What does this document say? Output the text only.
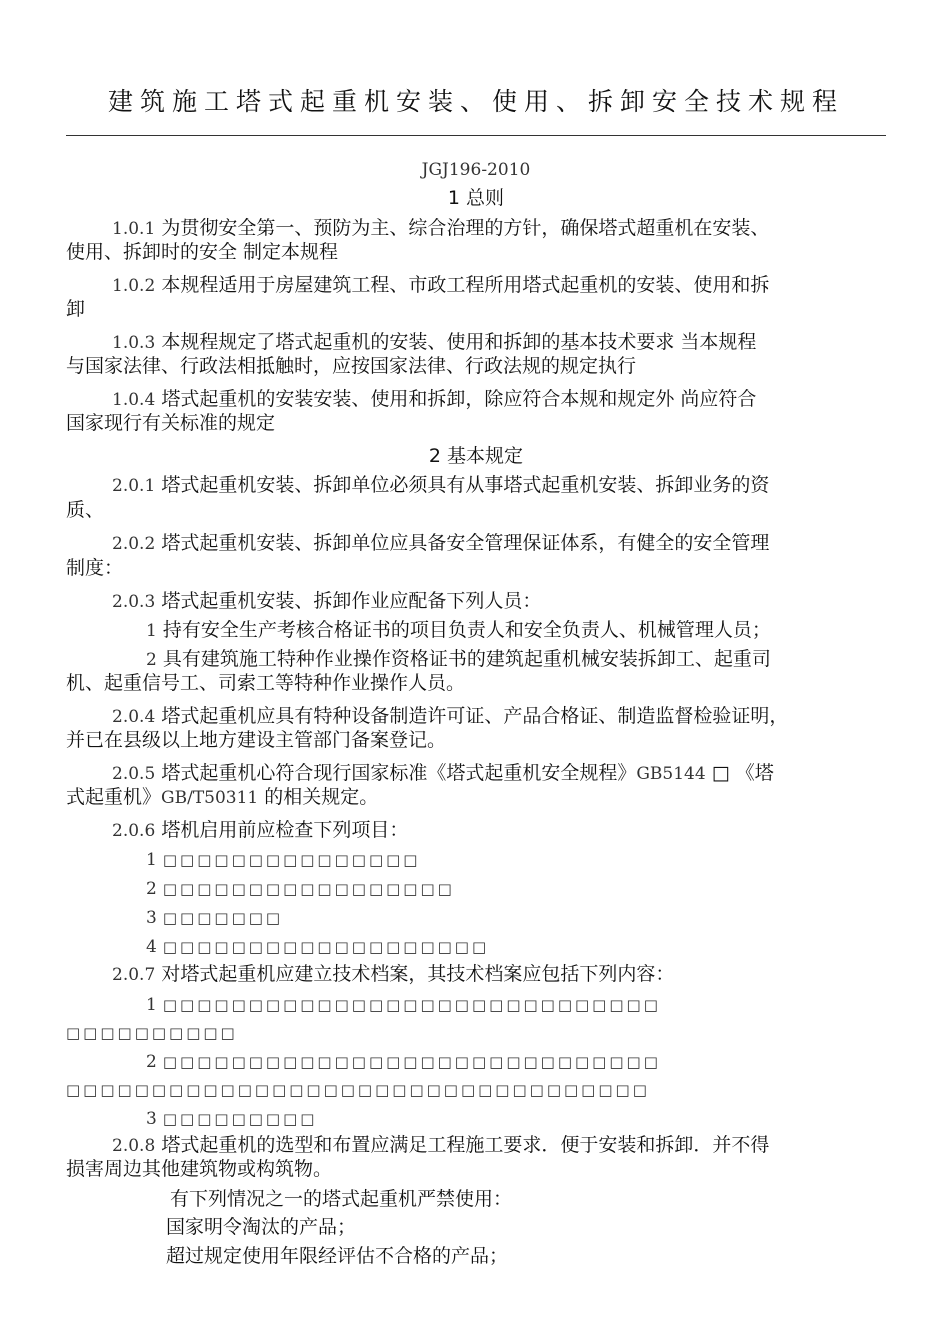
建筑施工塔式起重机安装、使用、拆卸安全技术规程
JGJ196-2010
1 总则
1.0.1 为贯彻安全第一、预防为主、综合治理的方针，确保塔式超重机在安装、
使用、拆卸时的安全 制定本规程
1.0.2 本规程适用于房屋建筑工程、市政工程所用塔式起重机的安装、使用和拆
卸
1.0.3 本规程规定了塔式起重机的安装、使用和拆卸的基本技术要求 当本规程
与国家法律、行政法相抵触时，应按国家法律、行政法规的规定执行
1.0.4 塔式起重机的安装安装、使用和拆卸，除应符合本规和规定外 尚应符合
国家现行有关标准的规定
2 基本规定
2.0.1 塔式起重机安装、拆卸单位必须具有从事塔式起重机安装、拆卸业务的资
质、
2.0.2 塔式起重机安装、拆卸单位应具备安全管理保证体系，有健全的安全管理
制度：
2.0.3 塔式起重机安装、拆卸作业应配备下列人员：
1 持有安全生产考核合格证书的项目负责人和安全负责人、机械管理人员；
2 具有建筑施工特种作业操作资格证书的建筑起重机械安装拆卸工、起重司
机、起重信号工、司索工等特种作业操作人员。
2.0.4 塔式起重机应具有特种设备制造许可证、产品合格证、制造监督检验证明，
并已在县级以上地方建设主管部门备案登记。
2.0.5 塔式起重机心符合现行国家标准《塔式起重机安全规程》GB5144 □ 《塔
式起重机》GB/T50311 的相关规定。
2.0.6 塔机启用前应检查下列项目：
1 □□□□□□□□□□□□□□□
2 □□□□□□□□□□□□□□□□□
3 □□□□□□□
4 □□□□□□□□□□□□□□□□□□□
2.0.7 对塔式起重机应建立技术档案，其技术档案应包括下列内容：
1 □□□□□□□□□□□□□□□□□□□□□□□□□□□□□
□□□□□□□□□□
2 □□□□□□□□□□□□□□□□□□□□□□□□□□□□□
□□□□□□□□□□□□□□□□□□□□□□□□□□□□□□□□□□
3 □□□□□□□□□
2.0.8 塔式起重机的选型和布置应满足工程施工要求．便于安装和拆卸．并不得
损害周边其他建筑物或构筑物。
有下列情况之一的塔式起重机严禁使用：
国家明令淘汰的产品；
超过规定使用年限经评估不合格的产品；
